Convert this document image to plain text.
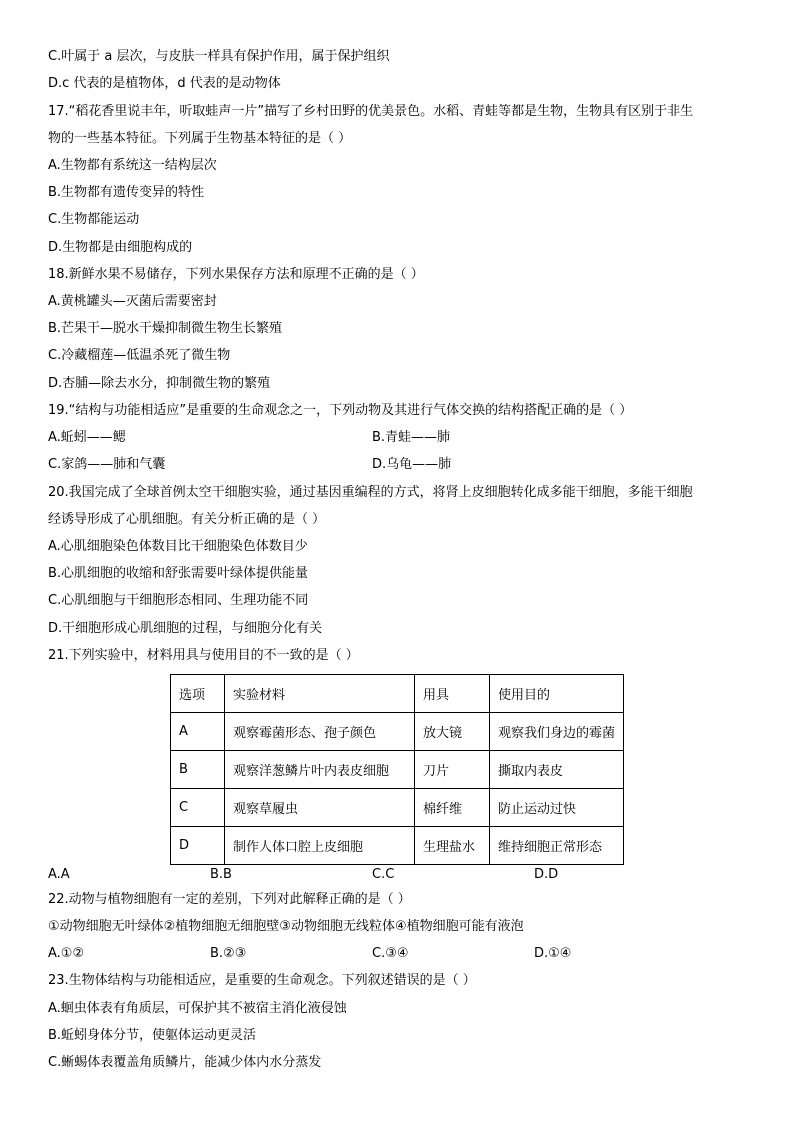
C.叶属于 a 层次，与皮肤一样具有保护作用，属于保护组织
D.c 代表的是植物体，d 代表的是动物体
17.“稻花香里说丰年，听取蛙声一片”描写了乡村田野的优美景色。水稻、青蛙等都是生物，生物具有区别于非生
物的一些基本特征。下列属于生物基本特征的是（ ）
A.生物都有系统这一结构层次
B.生物都有遗传变异的特性
C.生物都能运动
D.生物都是由细胞构成的
18.新鲜水果不易储存，下列水果保存方法和原理不正确的是（ ）
A.黄桃罐头—灭菌后需要密封
B.芒果干—脱水干燥抑制微生物生长繁殖
C.冷藏榴莲—低温杀死了微生物
D.杏脯—除去水分，抑制微生物的繁殖
19.“结构与功能相适应”是重要的生命观念之一，下列动物及其进行气体交换的结构搭配正确的是（ ）
A.蚯蚓——鳃	B.青蛙——肺
C.家鸽——肺和气囊	D.乌龟——肺
20.我国完成了全球首例太空干细胞实验，通过基因重编程的方式，将肾上皮细胞转化成多能干细胞，多能干细胞
经诱导形成了心肌细胞。有关分析正确的是（ ）
A.心肌细胞染色体数目比干细胞染色体数目少
B.心肌细胞的收缩和舒张需要叶绿体提供能量
C.心肌细胞与干细胞形态相同、生理功能不同
D.干细胞形成心肌细胞的过程，与细胞分化有关
21.下列实验中，材料用具与使用目的不一致的是（ ）
选项	实验材料	用具	使用目的
A	观察霉菌形态、孢子颜色	放大镜	观察我们身边的霉菌
B	观察洋葱鳞片叶内表皮细胞	刀片	撕取内表皮
C	观察草履虫	棉纤维	防止运动过快
D	制作人体口腔上皮细胞	生理盐水	维持细胞正常形态
A.A	B.B	C.C	D.D
22.动物与植物细胞有一定的差别，下列对此解释正确的是（ ）
①动物细胞无叶绿体②植物细胞无细胞壁③动物细胞无线粒体④植物细胞可能有液泡
A.①②	B.②③	C.③④	D.①④
23.生物体结构与功能相适应，是重要的生命观念。下列叙述错误的是（ ）
A.蛔虫体表有角质层，可保护其不被宿主消化液侵蚀
B.蚯蚓身体分节，使躯体运动更灵活
C.蜥蜴体表覆盖角质鳞片，能减少体内水分蒸发
